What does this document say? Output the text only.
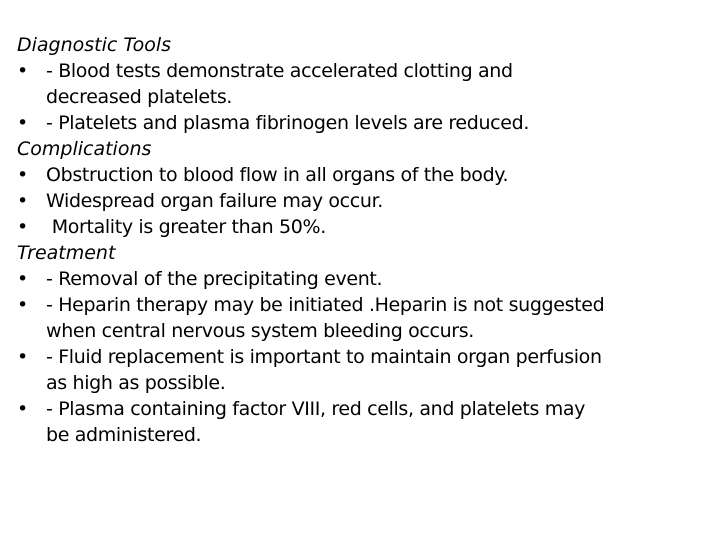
Diagnostic Tools
• - Blood tests demonstrate accelerated clotting and
decreased platelets.
• - Platelets and plasma fibrinogen levels are reduced.
Complications
• Obstruction to blood flow in all organs of the body.
• Widespread organ failure may occur.
• Mortality is greater than 50%.
Treatment
• - Removal of the precipitating event.
• - Heparin therapy may be initiated .Heparin is not suggested
when central nervous system bleeding occurs.
• - Fluid replacement is important to maintain organ perfusion
as high as possible.
• - Plasma containing factor VIII, red cells, and platelets may
be administered.
